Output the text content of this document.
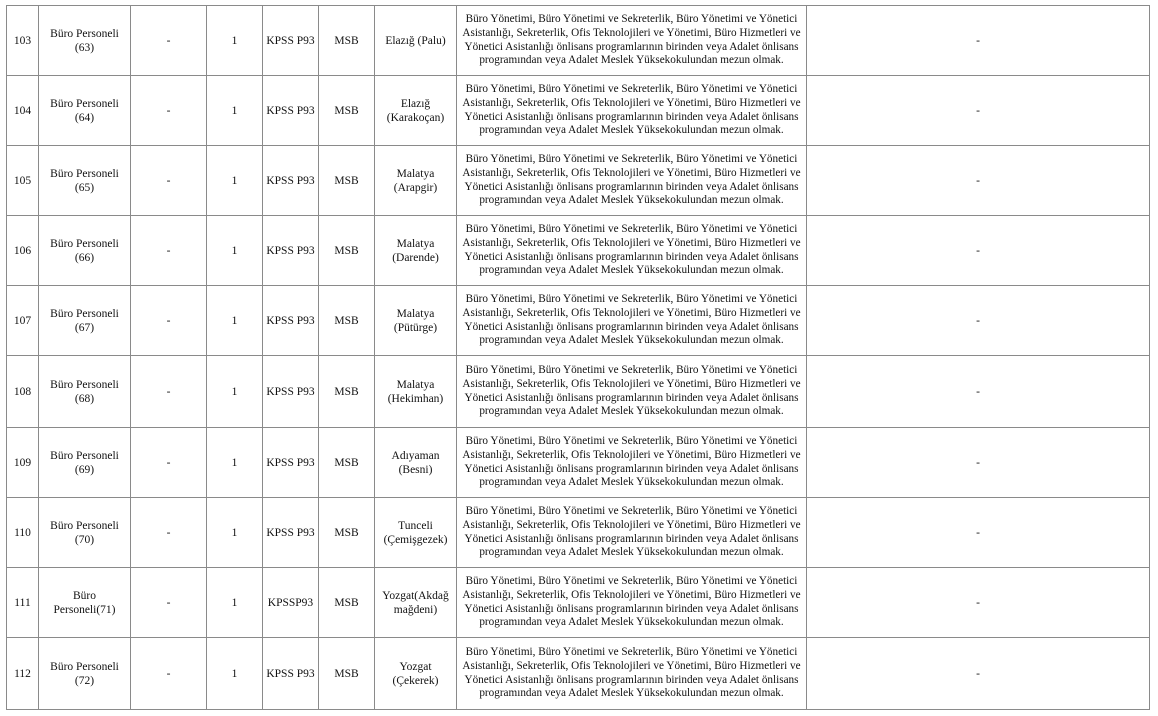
103	Büro Personeli (63)	-	1	KPSS P93	MSB	Elazığ (Palu)	Büro Yönetimi, Büro Yönetimi ve Sekreterlik, Büro Yönetimi ve Yönetici Asistanlığı, Sekreterlik, Ofis Teknolojileri ve Yönetimi, Büro Hizmetleri ve Yönetici Asistanlığı önlisans programlarının birinden veya Adalet önlisans programından veya Adalet Meslek Yüksekokulundan mezun olmak.	-
104	Büro Personeli (64)	-	1	KPSS P93	MSB	Elazığ (Karakoçan)	Büro Yönetimi, Büro Yönetimi ve Sekreterlik, Büro Yönetimi ve Yönetici Asistanlığı, Sekreterlik, Ofis Teknolojileri ve Yönetimi, Büro Hizmetleri ve Yönetici Asistanlığı önlisans programlarının birinden veya Adalet önlisans programından veya Adalet Meslek Yüksekokulundan mezun olmak.	-
105	Büro Personeli (65)	-	1	KPSS P93	MSB	Malatya (Arapgir)	Büro Yönetimi, Büro Yönetimi ve Sekreterlik, Büro Yönetimi ve Yönetici Asistanlığı, Sekreterlik, Ofis Teknolojileri ve Yönetimi, Büro Hizmetleri ve Yönetici Asistanlığı önlisans programlarının birinden veya Adalet önlisans programından veya Adalet Meslek Yüksekokulundan mezun olmak.	-
106	Büro Personeli (66)	-	1	KPSS P93	MSB	Malatya (Darende)	Büro Yönetimi, Büro Yönetimi ve Sekreterlik, Büro Yönetimi ve Yönetici Asistanlığı, Sekreterlik, Ofis Teknolojileri ve Yönetimi, Büro Hizmetleri ve Yönetici Asistanlığı önlisans programlarının birinden veya Adalet önlisans programından veya Adalet Meslek Yüksekokulundan mezun olmak.	-
107	Büro Personeli (67)	-	1	KPSS P93	MSB	Malatya (Pütürge)	Büro Yönetimi, Büro Yönetimi ve Sekreterlik, Büro Yönetimi ve Yönetici Asistanlığı, Sekreterlik, Ofis Teknolojileri ve Yönetimi, Büro Hizmetleri ve Yönetici Asistanlığı önlisans programlarının birinden veya Adalet önlisans programından veya Adalet Meslek Yüksekokulundan mezun olmak.	-
108	Büro Personeli (68)	-	1	KPSS P93	MSB	Malatya (Hekimhan)	Büro Yönetimi, Büro Yönetimi ve Sekreterlik, Büro Yönetimi ve Yönetici Asistanlığı, Sekreterlik, Ofis Teknolojileri ve Yönetimi, Büro Hizmetleri ve Yönetici Asistanlığı önlisans programlarının birinden veya Adalet önlisans programından veya Adalet Meslek Yüksekokulundan mezun olmak.	-
109	Büro Personeli (69)	-	1	KPSS P93	MSB	Adıyaman (Besni)	Büro Yönetimi, Büro Yönetimi ve Sekreterlik, Büro Yönetimi ve Yönetici Asistanlığı, Sekreterlik, Ofis Teknolojileri ve Yönetimi, Büro Hizmetleri ve Yönetici Asistanlığı önlisans programlarının birinden veya Adalet önlisans programından veya Adalet Meslek Yüksekokulundan mezun olmak.	-
110	Büro Personeli (70)	-	1	KPSS P93	MSB	Tunceli (Çemişgezek)	Büro Yönetimi, Büro Yönetimi ve Sekreterlik, Büro Yönetimi ve Yönetici Asistanlığı, Sekreterlik, Ofis Teknolojileri ve Yönetimi, Büro Hizmetleri ve Yönetici Asistanlığı önlisans programlarının birinden veya Adalet önlisans programından veya Adalet Meslek Yüksekokulundan mezun olmak.	-
111	Büro Personeli(71)	-	1	KPSSP93	MSB	Yozgat(Akdağ mağdeni)	Büro Yönetimi, Büro Yönetimi ve Sekreterlik, Büro Yönetimi ve Yönetici Asistanlığı, Sekreterlik, Ofis Teknolojileri ve Yönetimi, Büro Hizmetleri ve Yönetici Asistanlığı önlisans programlarının birinden veya Adalet önlisans programından veya Adalet Meslek Yüksekokulundan mezun olmak.	-
112	Büro Personeli (72)	-	1	KPSS P93	MSB	Yozgat (Çekerek)	Büro Yönetimi, Büro Yönetimi ve Sekreterlik, Büro Yönetimi ve Yönetici Asistanlığı, Sekreterlik, Ofis Teknolojileri ve Yönetimi, Büro Hizmetleri ve Yönetici Asistanlığı önlisans programlarının birinden veya Adalet önlisans programından veya Adalet Meslek Yüksekokulundan mezun olmak.	-
